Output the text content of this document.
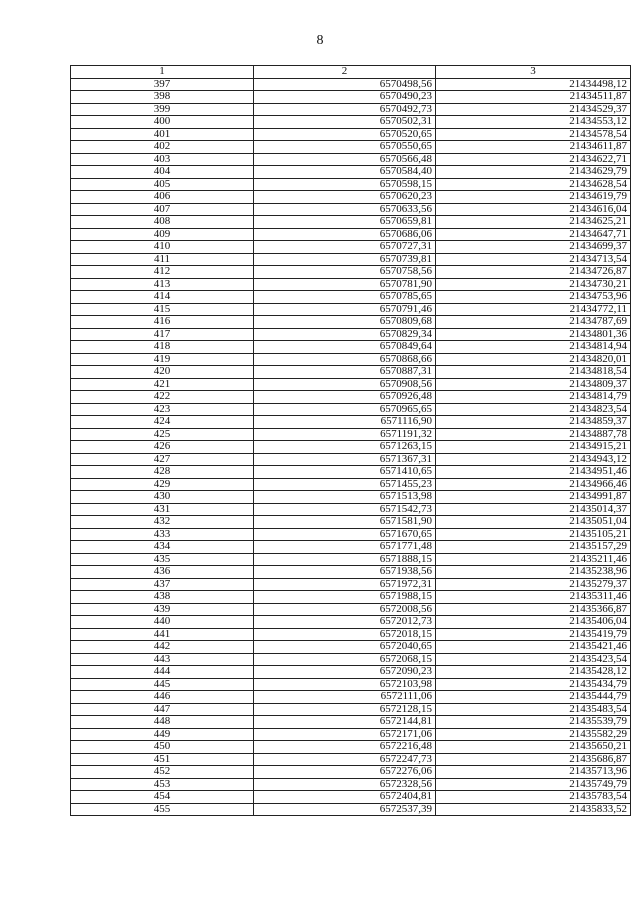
8
1	2	3
397	6570498,56	21434498,12
398	6570490,23	21434511,87
399	6570492,73	21434529,37
400	6570502,31	21434553,12
401	6570520,65	21434578,54
402	6570550,65	21434611,87
403	6570566,48	21434622,71
404	6570584,40	21434629,79
405	6570598,15	21434628,54
406	6570620,23	21434619,79
407	6570633,56	21434616,04
408	6570659,81	21434625,21
409	6570686,06	21434647,71
410	6570727,31	21434699,37
411	6570739,81	21434713,54
412	6570758,56	21434726,87
413	6570781,90	21434730,21
414	6570785,65	21434753,96
415	6570791,46	21434772,11
416	6570809,68	21434787,69
417	6570829,34	21434801,36
418	6570849,64	21434814,94
419	6570868,66	21434820,01
420	6570887,31	21434818,54
421	6570908,56	21434809,37
422	6570926,48	21434814,79
423	6570965,65	21434823,54
424	6571116,90	21434859,37
425	6571191,32	21434887,78
426	6571263,15	21434915,21
427	6571367,31	21434943,12
428	6571410,65	21434951,46
429	6571455,23	21434966,46
430	6571513,98	21434991,87
431	6571542,73	21435014,37
432	6571581,90	21435051,04
433	6571670,65	21435105,21
434	6571771,48	21435157,29
435	6571888,15	21435211,46
436	6571938,56	21435238,96
437	6571972,31	21435279,37
438	6571988,15	21435311,46
439	6572008,56	21435366,87
440	6572012,73	21435406,04
441	6572018,15	21435419,79
442	6572040,65	21435421,46
443	6572068,15	21435423,54
444	6572090,23	21435428,12
445	6572103,98	21435434,79
446	6572111,06	21435444,79
447	6572128,15	21435483,54
448	6572144,81	21435539,79
449	6572171,06	21435582,29
450	6572216,48	21435650,21
451	6572247,73	21435686,87
452	6572276,06	21435713,96
453	6572328,56	21435749,79
454	6572404,81	21435783,54
455	6572537,39	21435833,52
